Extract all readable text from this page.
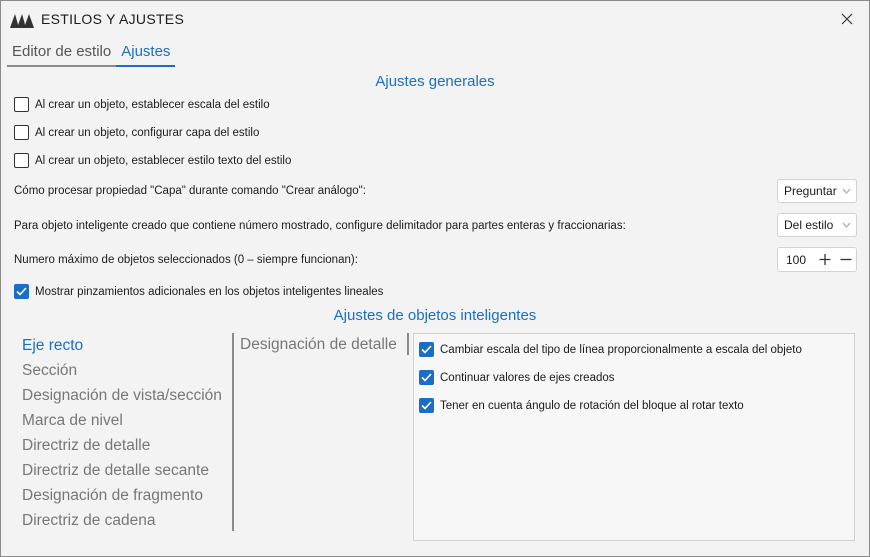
ESTILOS Y AJUSTES
Editor de estilo Ajustes
Ajustes generales
Al crear un objeto, establecer escala del estilo
Al crear un objeto, configurar capa del estilo
Al crear un objeto, establecer estilo texto del estilo
Cómo procesar propiedad "Capa" durante comando "Crear análogo":	Preguntar
Para objeto inteligente creado que contiene número mostrado, configure delimitador para partes enteras y fraccionarias:	Del estilo
Numero máximo de objetos seleccionados (0 – siempre funcionan):	100
Mostrar pinzamientos adicionales en los objetos inteligentes lineales
Ajustes de objetos inteligentes
Eje recto
Sección
Designación de vista/sección
Marca de nivel
Directriz de detalle
Directriz de detalle secante
Designación de fragmento
Directriz de cadena
Designación de detalle	Cambiar escala del tipo de línea proporcionalmente a escala del objeto
Continuar valores de ejes creados
Tener en cuenta ángulo de rotación del bloque al rotar texto
